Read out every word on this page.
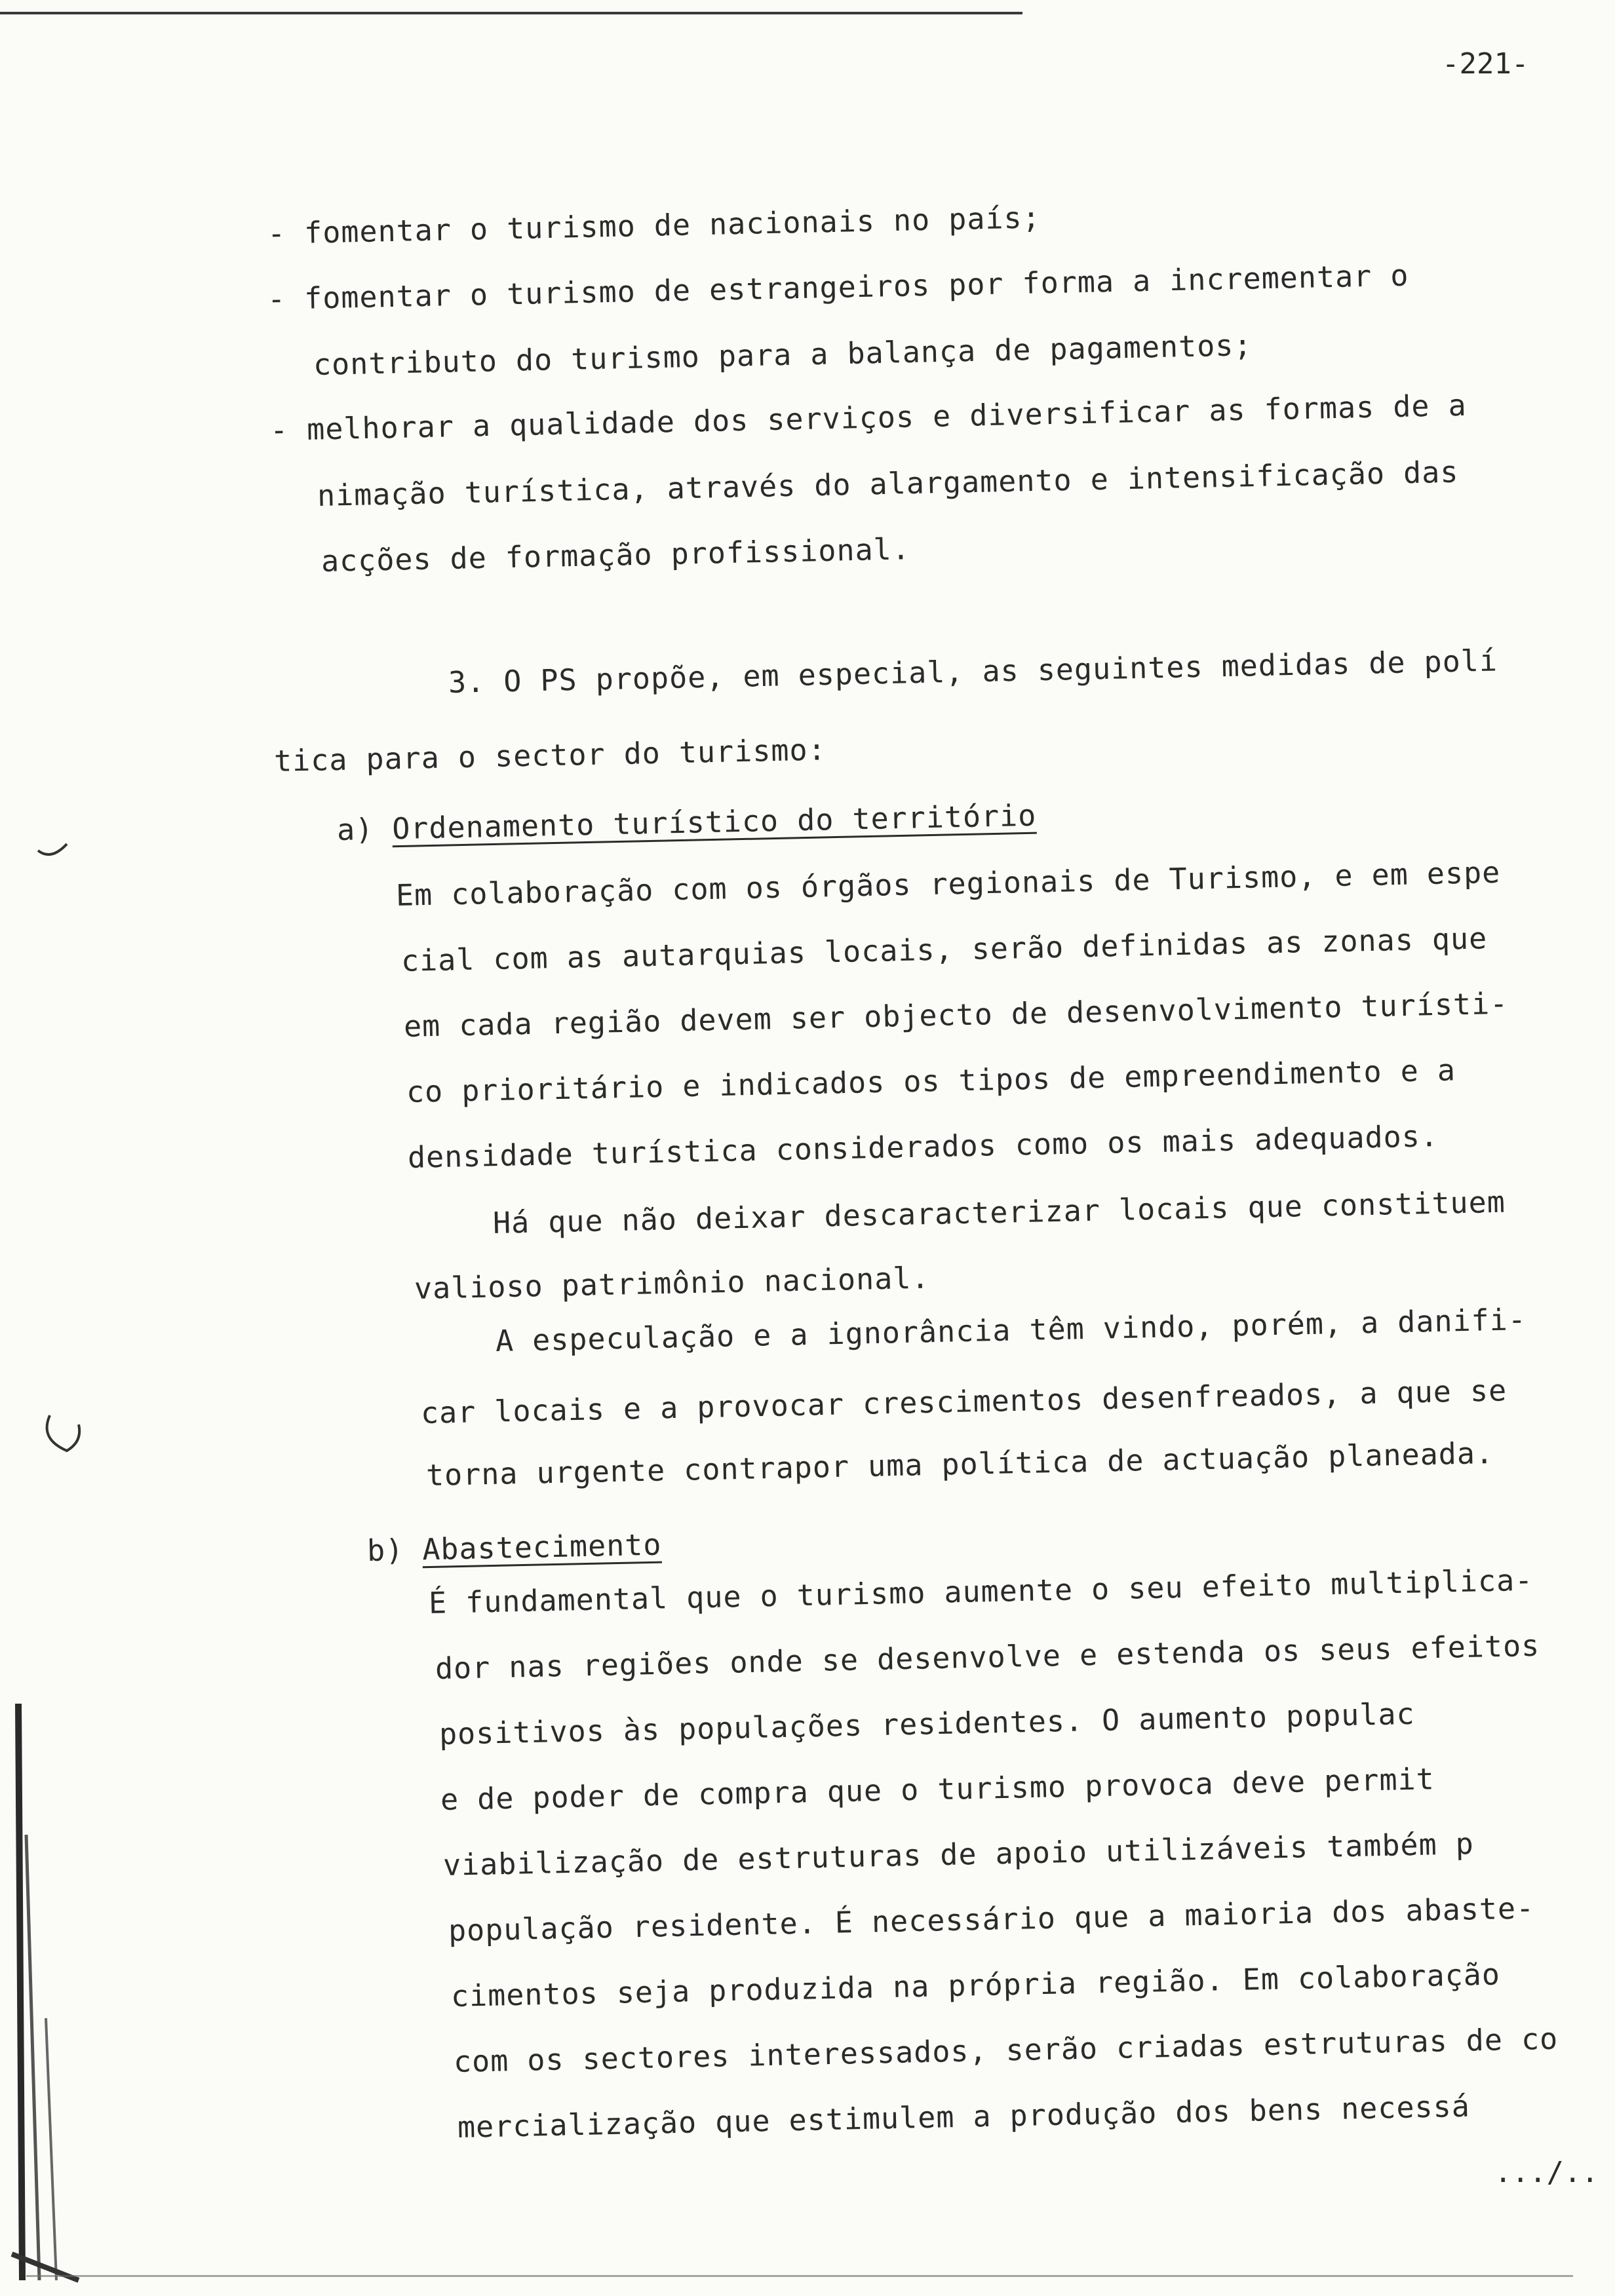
-221-
- fomentar o turismo de nacionais no país;
- fomentar o turismo de estrangeiros por forma a incrementar o
contributo do turismo para a balança de pagamentos;
- melhorar a qualidade dos serviços e diversificar as formas de a
nimação turística, através do alargamento e intensificação das
acções de formação profissional.
3. O PS propõe, em especial, as seguintes medidas de polí
tica para o sector do turismo:
a) Ordenamento turístico do território
Em colaboração com os órgãos regionais de Turismo, e em espe
cial com as autarquias locais, serão definidas as zonas que
em cada região devem ser objecto de desenvolvimento turísti-
co prioritário e indicados os tipos de empreendimento e a
densidade turística considerados como os mais adequados.
Há que não deixar descaracterizar locais que constituem
valioso patrimônio nacional.
A especulação e a ignorância têm vindo, porém, a danifi-
car locais e a provocar crescimentos desenfreados, a que se
torna urgente contrapor uma política de actuação planeada.
b) Abastecimento
É fundamental que o turismo aumente o seu efeito multiplica-
dor nas regiões onde se desenvolve e estenda os seus efeitos
positivos às populações residentes. O aumento populac
e de poder de compra que o turismo provoca deve permit
viabilização de estruturas de apoio utilizáveis também p
população residente. É necessário que a maioria dos abaste-
cimentos seja produzida na própria região. Em colaboração
com os sectores interessados, serão criadas estruturas de co
mercialização que estimulem a produção dos bens necessá
.../..
